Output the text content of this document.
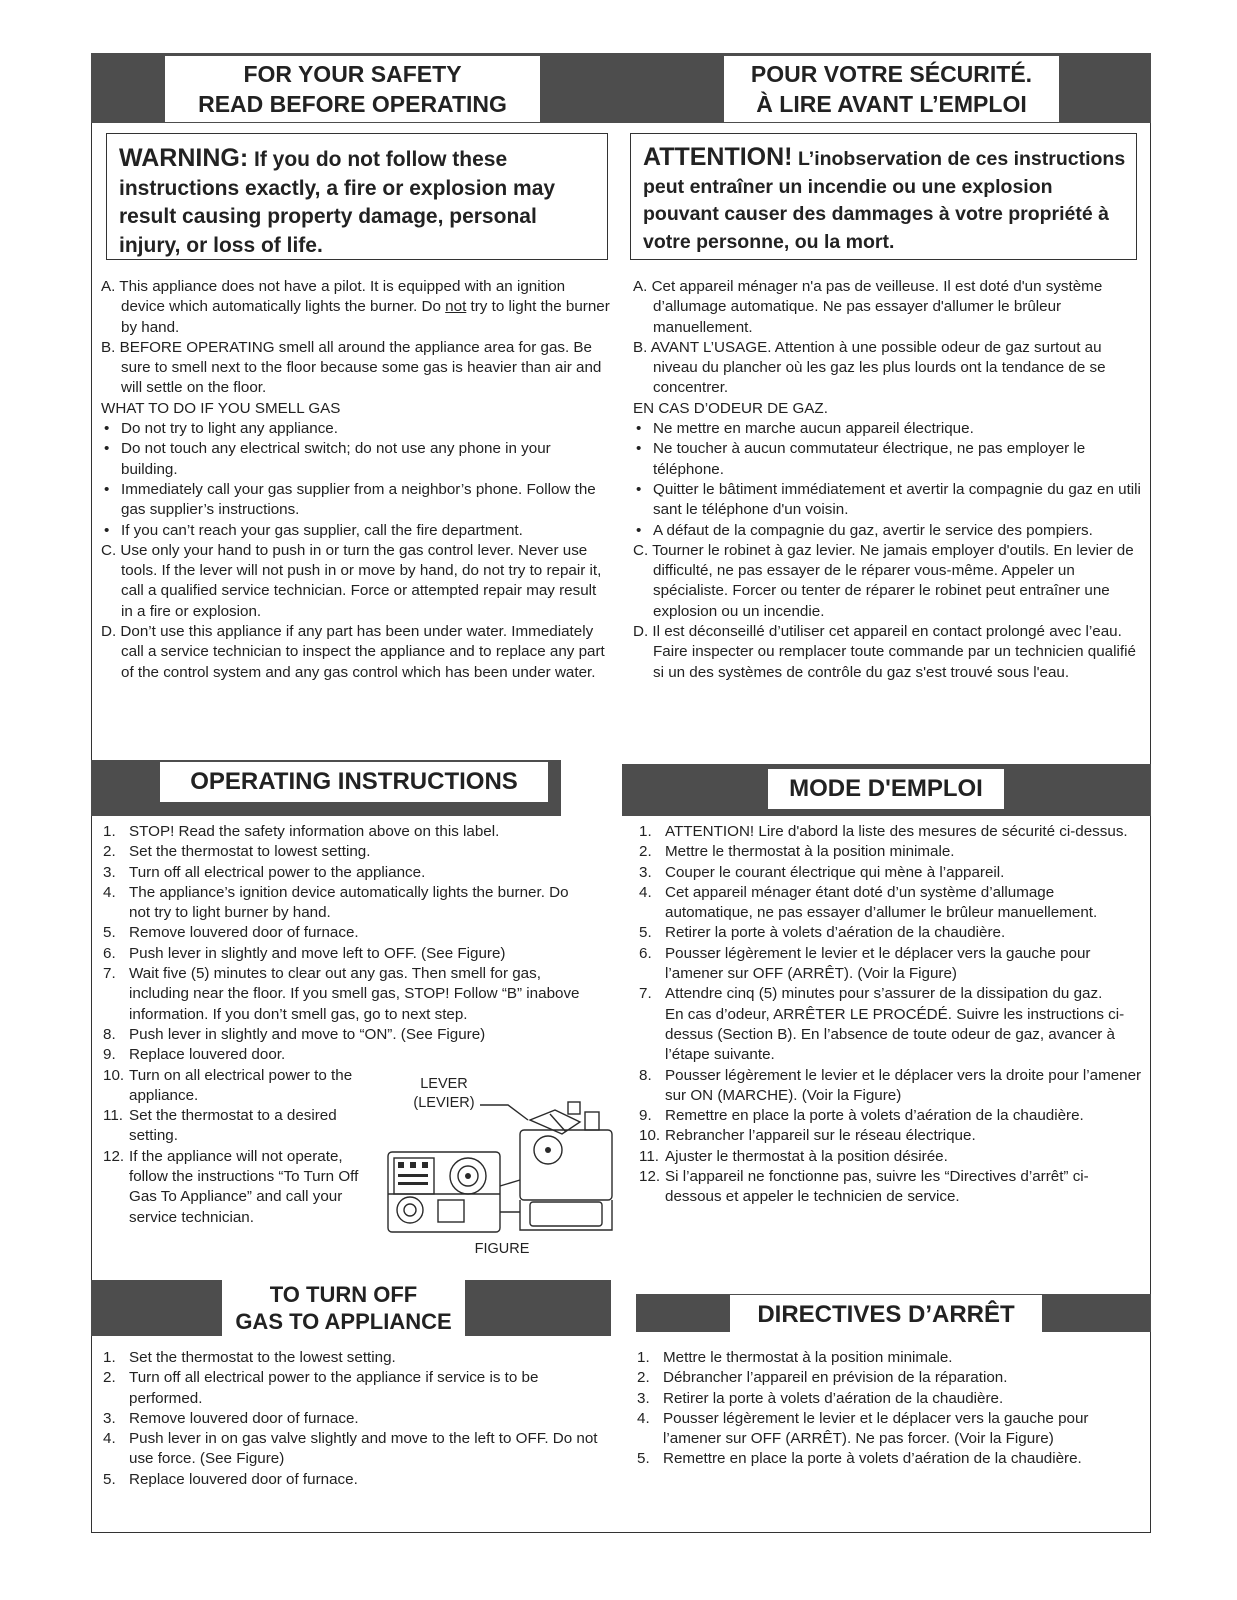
FOR YOUR SAFETY
READ BEFORE OPERATING
POUR VOTRE SÉCURITÉ.
À LIRE AVANT L’EMPLOI
WARNING: If you do not follow these instructions exactly, a fire or explosion may result causing property damage, personal injury, or loss of life.
ATTENTION! L’inobservation de ces instructions peut entraîner un incendie ou une explosion pouvant causer des dammages à votre propriété à votre personne, ou la mort.

A. This appliance does not have a pilot. It is equipped with an ignition device which automatically lights the burner. Do not try to light the burner by hand.

B. BEFORE OPERATING smell all around the appliance area for gas. Be sure to smell next to the floor because some gas is heavier than air and will settle on the floor.

WHAT TO DO IF YOU SMELL GAS

• Do not try to light any appliance.

• Do not touch any electrical switch; do not use any phone in your building.

• Immediately call your gas supplier from a neighbor’s phone. Follow the gas supplier’s instructions.

• If you can’t reach your gas supplier, call the fire department.

C. Use only your hand to push in or turn the gas control lever. Never use tools. If the lever will not push in or move by hand, do not try to repair it, call a qualified service technician. Force or attempted repair may result in a fire or explosion.

D. Don’t use this appliance if any part has been under water. Immediately call a service technician to inspect the appliance and to replace any part of the control system and any gas control which has been under water.

A. Cet appareil ménager n'a pas de veilleuse. Il est doté d'un système d’allumage automatique. Ne pas essayer d'allumer le brûleur manuellement.

B. AVANT L’USAGE. Attention à une possible odeur de gaz surtout au niveau du plancher où les gaz les plus lourds ont la tendance de se concentrer.

EN CAS D’ODEUR DE GAZ.

• Ne mettre en marche aucun appareil électrique.

• Ne toucher à aucun commutateur électrique, ne pas employer le téléphone.

• Quitter le bâtiment immédiatement et avertir la compagnie du gaz en utili sant le téléphone d'un voisin.

• A défaut de la compagnie du gaz, avertir le service des pompiers.

C. Tourner le robinet à gaz levier. Ne jamais employer d'outils. En levier de difficulté, ne pas essayer de le réparer vous-même. Appeler un spécialiste. Forcer ou tenter de réparer le robinet peut entraîner une explosion ou un incendie.

D. Il est déconseillé d’utiliser cet appareil en contact prolongé avec l’eau. Faire inspecter ou remplacer toute commande par un technicien qualifié si un des systèmes de contrôle du gaz s'est trouvé sous l'eau.

OPERATING INSTRUCTIONS	MODE D'EMPLOI

1. STOP! Read the safety information above on this label.

2. Set the thermostat to lowest setting.

3. Turn off all electrical power to the appliance.

4. The appliance’s ignition device automatically lights the burner. Do not try to light burner by hand.

5. Remove louvered door of furnace.

6. Push lever in slightly and move left to OFF. (See Figure)

7. Wait five (5) minutes to clear out any gas. Then smell for gas, including near the floor. If you smell gas, STOP! Follow “B” inabove information. If you don’t smell gas, go to next step.

8. Push lever in slightly and move to “ON”. (See Figure)

9. Replace louvered door.

10. Turn on all electrical power to the appliance.

11. Set the thermostat to a desired setting.

12. If the appliance will not operate, follow the instructions “To Turn Off Gas To Appliance” and call your service technician.

LEVER
(LEVIER)
FIGURE

1. ATTENTION! Lire d'abord la liste des mesures de sécurité ci-dessus.

2. Mettre le thermostat à la position minimale.

3. Couper le courant électrique qui mène à l’appareil.

4. Cet appareil ménager étant doté d’un système d’allumage automatique, ne pas essayer d’allumer le brûleur manuellement.

5. Retirer la porte à volets d’aération de la chaudière.

6. Pousser légèrement le levier et le déplacer vers la gauche pour l’amener sur OFF (ARRÊT). (Voir la Figure)

7. Attendre cinq (5) minutes pour s’assurer de la dissipation du gaz.

En cas d’odeur, ARRÊTER LE PROCÉDÉ. Suivre les instructions ci-dessus (Section B). En l’absence de toute odeur de gaz, avancer à l’étape suivante.

8. Pousser légèrement le levier et le déplacer vers la droite pour l’amener sur ON (MARCHE). (Voir la Figure)

9. Remettre en place la porte à volets d’aération de la chaudière.

10. Rebrancher l’appareil sur le réseau électrique.

11. Ajuster le thermostat à la position désirée.

12. Si l’appareil ne fonctionne pas, suivre les “Directives d’arrêt” ci-dessous et appeler le technicien de service.

TO TURN OFF
GAS TO APPLIANCE	DIRECTIVES D’ARRÊT

1. Set the thermostat to the lowest setting.

2. Turn off all electrical power to the appliance if service is to be performed.

3. Remove louvered door of furnace.

4. Push lever in on gas valve slightly and move to the left to OFF. Do not use force. (See Figure)

5. Replace louvered door of furnace.

1. Mettre le thermostat à la position minimale.

2. Débrancher l’appareil en prévision de la réparation.

3. Retirer la porte à volets d’aération de la chaudière.

4. Pousser légèrement le levier et le déplacer vers la gauche pour l’amener sur OFF (ARRÊT). Ne pas forcer. (Voir la Figure)

5. Remettre en place la porte à volets d’aération de la chaudière.
